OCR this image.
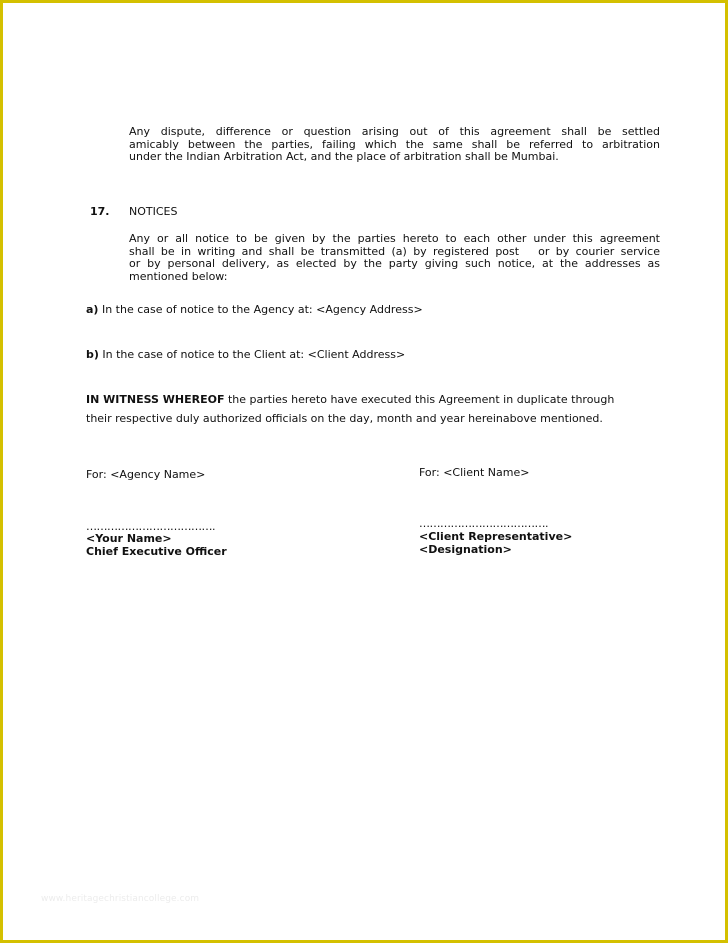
Any dispute, difference or question arising out of this agreement shall be settled
amicably between the parties, failing which the same shall be referred to arbitration
under the Indian Arbitration Act, and the place of arbitration shall be Mumbai.
17. NOTICES
Any or all notice to be given by the parties hereto to each other under this agreement
shall be in writing and shall be transmitted (a) by registered post   or by courier service
or by personal delivery, as elected by the party giving such notice, at the addresses as
mentioned below:
a) In the case of notice to the Agency at: <Agency Address>
b) In the case of notice to the Client at: <Client Address>
IN WITNESS WHEREOF the parties hereto have executed this Agreement in duplicate through
their respective duly authorized officials on the day, month and year hereinabove mentioned.
For: <Agency Name>
……………………………….
<Your Name>
Chief Executive Officer
For: <Client Name>
……………………………….
<Client Representative>
<Designation>
www.heritagechristiancollege.com
